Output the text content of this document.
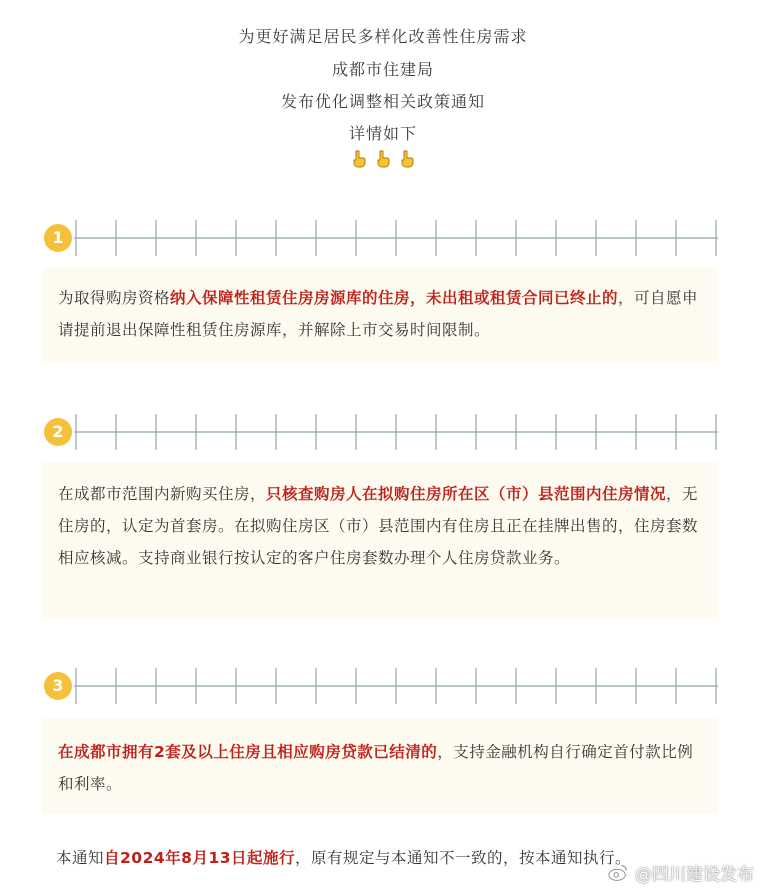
为更好满足居民多样化改善性住房需求
成都市住建局
发布优化调整相关政策通知
详情如下

1

为取得购房资格纳入保障性租赁住房房源库的住房，未出租或租赁合同已终止的，可自愿申请提前退出保障性租赁住房源库，并解除上市交易时间限制。

2

在成都市范围内新购买住房，只核查购房人在拟购住房所在区（市）县范围内住房情况，无住房的，认定为首套房。在拟购住房区（市）县范围内有住房且正在挂牌出售的，住房套数相应核减。支持商业银行按认定的客户住房套数办理个人住房贷款业务。

3

在成都市拥有2套及以上住房且相应购房贷款已结清的，支持金融机构自行确定首付款比例和利率。

本通知自2024年8月13日起施行，原有规定与本通知不一致的，按本通知执行。
@四川建设发布
